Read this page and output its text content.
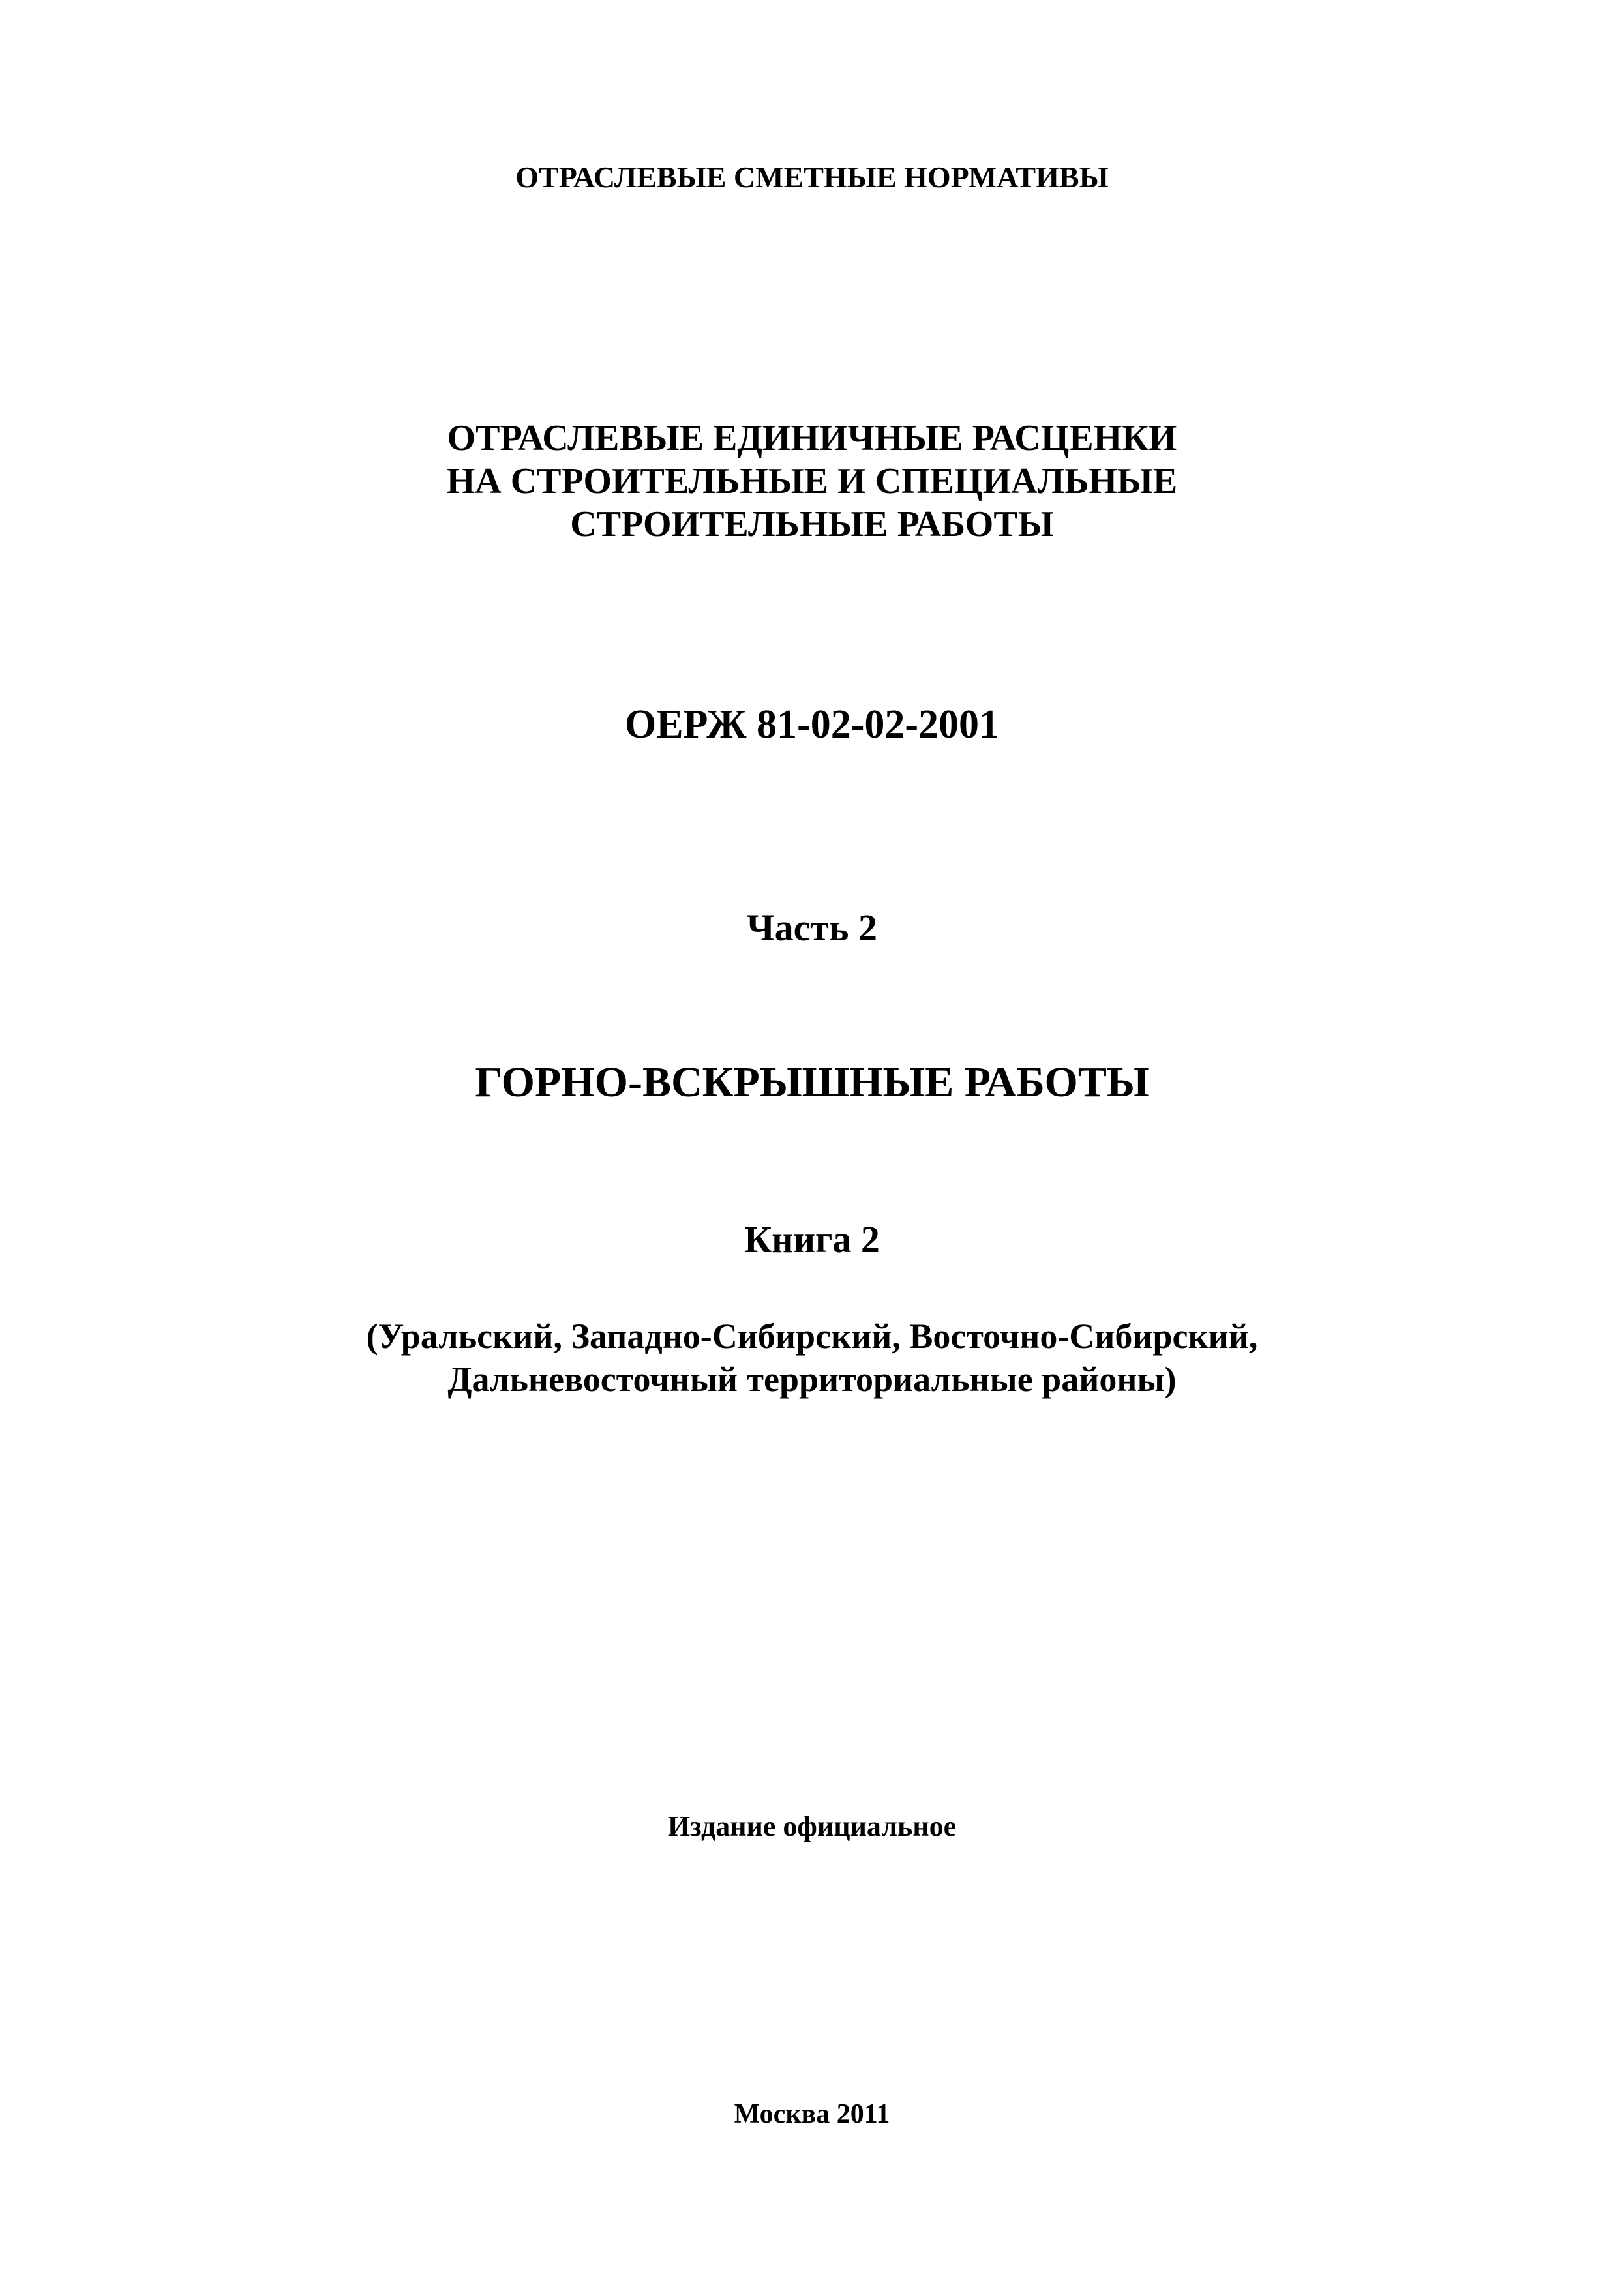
ОТРАСЛЕВЫЕ СМЕТНЫЕ НОРМАТИВЫ
ОТРАСЛЕВЫЕ ЕДИНИЧНЫЕ РАСЦЕНКИ
НА СТРОИТЕЛЬНЫЕ И СПЕЦИАЛЬНЫЕ
СТРОИТЕЛЬНЫЕ РАБОТЫ
ОЕРЖ 81-02-02-2001
Часть 2
ГОРНО-ВСКРЫШНЫЕ РАБОТЫ
Книга 2
(Уральский, Западно-Сибирский, Восточно-Сибирский,
Дальневосточный территориальные районы)
Издание официальное
Москва 2011
